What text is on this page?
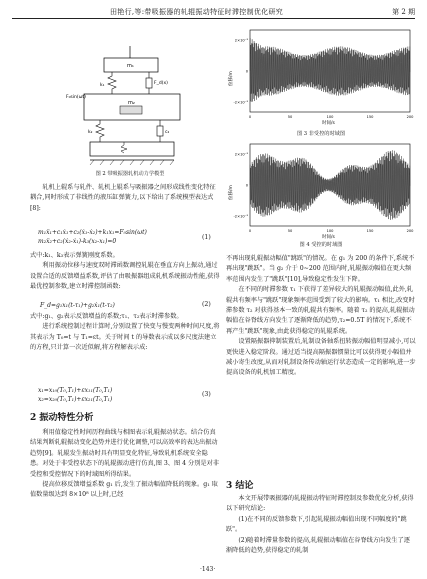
田艳行,等:带吸振器的轧辊振动特征时滞控制优化研究	第 2 期
m₁
k₁	F_d(x)
m₂
F₀sin(ωt)
k₂	c₂
图 2 带吸振器轧机动力学模型

轧机上辊系与轧件、轧机上辊系与吸振器之间形成线性变化特征耦合,同时形成了非线性的液压缸弹簧力,以下给出了系统模型表达式[8]:

m₁ẍ₁+c₁ẋ₁+c₂(ẋ₁-ẋ₂)+k₁x₁=F₀sin(ωt)
m₂ẍ₂+c₂(ẋ₂-ẋ₁)-k₃(x₂-x₁)=0
(1)

式中:k₁、k₃表示弹簧刚度系数。

利用振动位移与速度双时滞函数调控轧辊在垂直方向上振动,通过设置合适的反馈增益系数,评估了由吸振器组成轧机系统振动性能,获得最优控制参数,建立时滞控制函数:

F_d=g₁x₁(t-τ₁)+g₂ẋ₁(t-τ₂)	(2)

式中:g₁、g₂表示反馈增益的系数;τ₁、τ₂表示时滞参数。

进行系统控制过程计算时,分别设置了快变与慢变两种时间尺度,将其表示为 T₀=t 与 T₁=εt。关于时间 t 的导数表示成以多尺度法建立的方程,只计算一次近似解,将方程解表示成:

x₁=x₁₀(T₀,T₁)+εx₁₁(T₀,T₁)
x₂=x₂₀(T₀,T₁)+εx₂₁(T₀,T₁)
(3)
2 振动特性分析

利用值稳定性时间历程曲线与相图表示轧辊振动状态。结合仿真结果判断轧辊振动变化趋势并进行优化调整,可以高效率的表达出振动趋势[9]。轧辊发生振动时具有明显变化特征,导致轧机系统安全隐患。对处于非受控状态下的轧辊振动进行仿真,图 3、图 4 分别是对非受控和受控情况下的时域图所得结果。

提高位移反馈增益系数 g₁ 后,发生了振动幅值降低的现象。g₁ 取值数量级达到 8×10⁸ 以上时,已经

位移/m
时间/s
2×10⁻³
0
-2×10⁻³
0	50	100	150	200
图 3 非受控的时域图
位移/m
时间/s
2×10⁻³
0
-2×10⁻³
0	50	100	150	200
图 4 受控的时域图

不再出现轧辊振动幅值"跳跃"的情况。在 g₁ 为 200 的条件下,系统不再出现"跳跃"。当 g₂ 介于 0~200 范围内时,轧辊振动幅值在更大频率范围内发生了"跳跃"[10],导致稳定性发生下降。

在不同的时滞参数 τ₁ 下获得了差异较大的轧辊振动幅值,此外,轧辊共有频率与"跳跃"现象频率范围受到了较大的影响。τ₁ 相比,改变时滞参数 τ₂ 对获得基本一致的轧辊共有频率。随着 τ₂ 的提高,轧辊振动幅值在谷脊线方向发生了逐渐降低的趋势,τ₂=0.5T 的情况下,系统不再产生"跳跃"现象,由此获得稳定的轧辊系统。

设置隔振器抑制装置后,轧制设备轴系扭转振动幅值明显减小,可以更快进入稳定阶段。通过适当提高隔振器惯量比可以获得更小幅值并减小寄生改度,从而对轧制设备传动轴运行状态造成一定的影响,进一步提高设备的轧机加工精度。

3 结论

本文开展带吸振器的轧辊振动特征时滞控制及参数优化分析,获得以下研究结论:

(1)在不同的反馈参数下,引起轧辊振动幅值出现不同幅度的"跳跃"。

(2)随着时滞量参数的提高,轧辊振动幅值在谷脊线方向发生了逐渐降低的趋势,获得稳定的轧制

·143·
